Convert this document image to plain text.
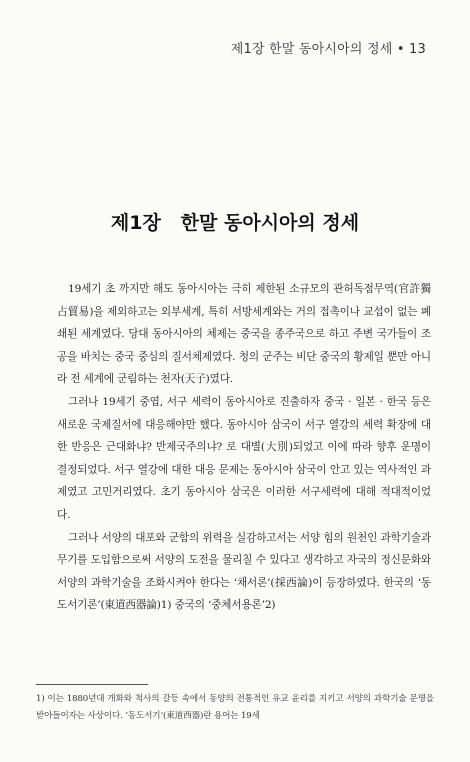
제1장 한말 동아시아의 정세 • 13
제1장   한말 동아시아의 정세

19세기 초 까지만 해도 동아시아는 극히 제한된 소규모의 관허독점무역(官許獨占貿易)을 제외하고는 외부세계, 특히 서방세계와는 거의 접촉이나 교섭이 없는 폐쇄된 세계였다. 당대 동아시아의 체제는 중국을 종주국으로 하고 주변 국가들이 조공을 바치는 중국 중심의 질서체제였다. 청의 군주는 비단 중국의 황제일 뿐만 아니라 전 세계에 군림하는 천자(天子)였다.

그러나 19세기 중엽, 서구 세력이 동아시아로 진출하자 중국 · 일본 · 한국 등은 새로운 국제질서에 대응해야만 했다. 동아시아 삼국이 서구 열강의 세력 확장에 대한 반응은 근대화냐? 반제국주의냐? 로 대별(大別)되었고 이에 따라 향후 운명이 결정되었다. 서구 열강에 대한 대응 문제는 동아시아 삼국이 안고 있는 역사적인 과제였고 고민거리였다. 초기 동아시아 삼국은 이러한 서구세력에 대해 적대적이었다.

그러나 서양의 대포와 군함의 위력을 실감하고서는 서양 힘의 원천인 과학기술과 무기를 도입함으로써 서양의 도전을 물리칠 수 있다고 생각하고 자국의 정신문화와 서양의 과학기술을 조화시켜야 한다는 ‘채서론’(採西論)이 등장하였다. 한국의 ‘동도서기론’(東道西器論)1) 중국의 ‘중체서용론’2)

1) 이는 1880년대 개화와 척사의 갈등 속에서 동양의 전통적인 유교 윤리를 지키고 서양의 과학기술 문명을 받아들이자는 사상이다. ‘동도서기’(東道西器)란 용어는 19세
